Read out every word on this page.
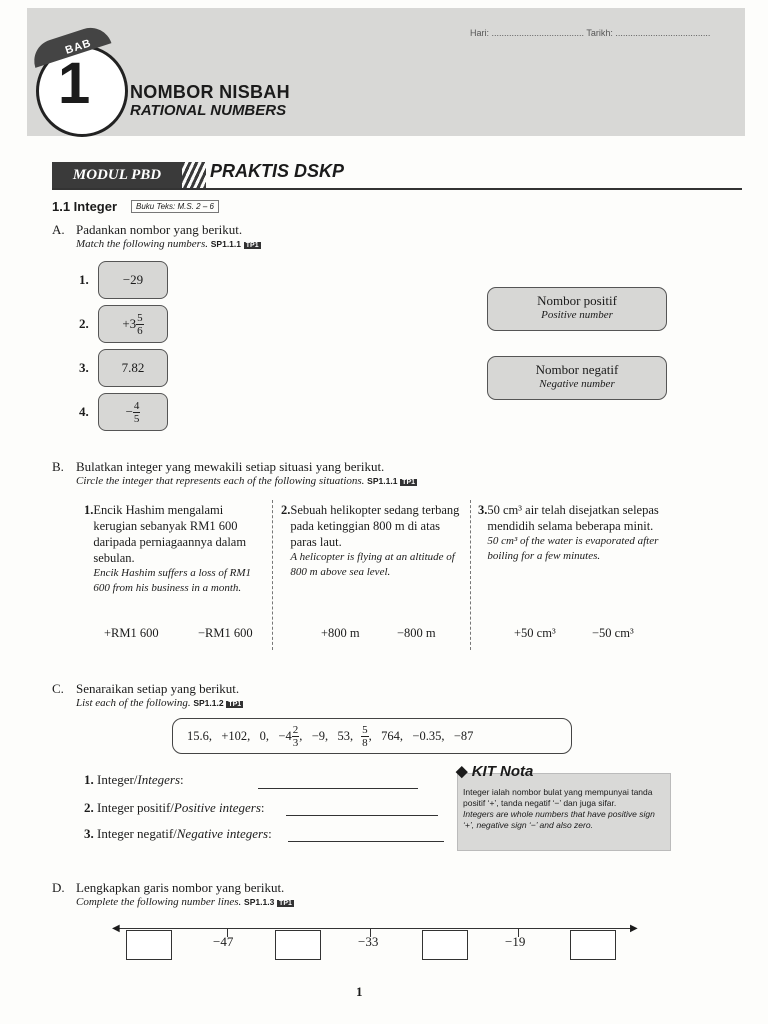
Hari: ..................................... Tarikh: ......................................
BAB
1 NOMBOR NISBAH
RATIONAL NUMBERS
MODUL PBD	PRAKTIS DSKP
1.1 Integer	Buku Teks: M.S. 2 – 6
A. Padankan nombor yang berikut.
Match the following numbers. SP1.1.1 TP1
1.	−29
2.	$+3 \frac{5}{6}$
3.	7.82
4.	− $\frac{4}{5}$
Nombor positif
Positive number
Nombor negatif
Negative number
B. Bulatkan integer yang mewakili setiap situasi yang berikut.
Circle the integer that represents each of the following situations. SP1.1.1 TP1
1. Encik Hashim mengalami kerugian sebanyak RM1 600 daripada perniagaannya dalam sebulan.
Encik Hashim suffers a loss of RM1 600 from his business in a month.
+RM1 600	−RM1 600
2. Sebuah helikopter sedang terbang pada ketinggian 800 m di atas paras laut.
A helicopter is flying at an altitude of 800 m above sea level.
+800 m	−800 m
3. 50 cm³ air telah disejatkan selepas mendidih selama beberapa minit.
50 cm³ of the water is evaporated after boiling for a few minutes.
+50 cm³	−50 cm³
C. Senaraikan setiap yang berikut.
List each of the following. SP1.1.2 TP1
15.6,   +102,   0,   $-4 \frac{2}{3}$ ,   −9,   53, $\frac{5}{8}$ ,   764,   −0.35,   −87
1. Integer/Integers:
2. Integer positif/Positive integers:
3. Integer negatif/Negative integers:
◆ KIT Nota
Integer ialah nombor bulat yang mempunyai tanda positif ‘+’, tanda negatif ‘−’ dan juga sifar.
Integers are whole numbers that have positive sign ‘+’, negative sign ‘−’ and also zero.
D. Lengkapkan garis nombor yang berikut.
Complete the following number lines. SP1.1.3 TP1
◀	▶
−47	−33	−19
1
